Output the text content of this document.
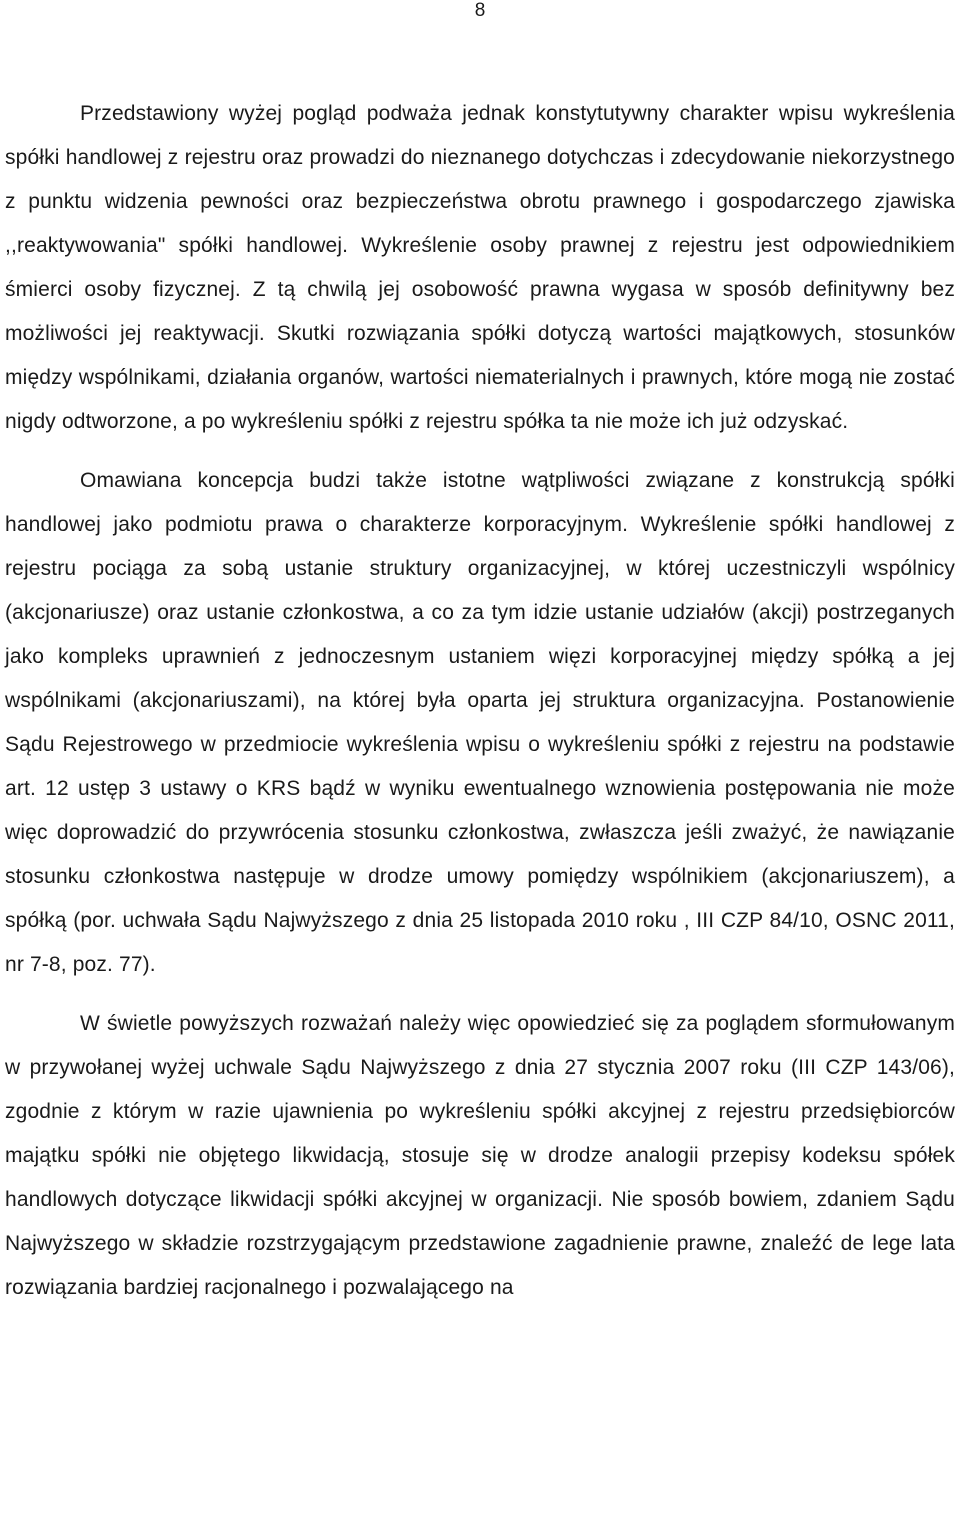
8

Przedstawiony wyżej pogląd podważa jednak konstytutywny charakter wpisu wykreślenia spółki handlowej z rejestru oraz prowadzi do nieznanego dotychczas i zdecydowanie niekorzystnego z punktu widzenia pewności oraz bezpieczeństwa obrotu prawnego i gospodarczego zjawiska ,,reaktywowania" spółki handlowej. Wykreślenie osoby prawnej z rejestru jest odpowiednikiem śmierci osoby fizycznej. Z tą chwilą jej osobowość prawna wygasa w sposób definitywny bez możliwości jej reaktywacji. Skutki rozwiązania spółki dotyczą wartości majątkowych, stosunków między wspólnikami, działania organów, wartości niematerialnych i prawnych, które mogą nie zostać nigdy odtworzone, a po wykreśleniu spółki z rejestru spółka ta nie może ich już odzyskać.

Omawiana koncepcja budzi także istotne wątpliwości związane z konstrukcją spółki handlowej jako podmiotu prawa o charakterze korporacyjnym. Wykreślenie spółki handlowej z rejestru pociąga za sobą ustanie struktury organizacyjnej, w której uczestniczyli wspólnicy (akcjonariusze) oraz ustanie członkostwa, a co za tym idzie ustanie udziałów (akcji) postrzeganych jako kompleks uprawnień z jednoczesnym ustaniem więzi korporacyjnej między spółką a jej wspólnikami (akcjonariuszami), na której była oparta jej struktura organizacyjna. Postanowienie Sądu Rejestrowego w przedmiocie wykreślenia wpisu o wykreśleniu spółki z rejestru na podstawie art. 12 ustęp 3 ustawy o KRS bądź w wyniku ewentualnego wznowienia postępowania nie może więc doprowadzić do przywrócenia stosunku członkostwa, zwłaszcza jeśli zważyć, że nawiązanie stosunku członkostwa następuje w drodze umowy pomiędzy wspólnikiem (akcjonariuszem), a spółką (por. uchwała Sądu Najwyższego z dnia 25 listopada 2010 roku , III CZP 84/10, OSNC 2011, nr 7-8, poz. 77).

W świetle powyższych rozważań należy więc opowiedzieć się za poglądem sformułowanym w przywołanej wyżej uchwale Sądu Najwyższego z dnia 27 stycznia 2007 roku (III CZP 143/06), zgodnie z którym w razie ujawnienia po wykreśleniu spółki akcyjnej z rejestru przedsiębiorców majątku spółki nie objętego likwidacją, stosuje się w drodze analogii przepisy kodeksu spółek handlowych dotyczące likwidacji spółki akcyjnej w organizacji. Nie sposób bowiem, zdaniem Sądu Najwyższego w składzie rozstrzygającym przedstawione zagadnienie prawne, znaleźć de lege lata rozwiązania bardziej racjonalnego i pozwalającego na
